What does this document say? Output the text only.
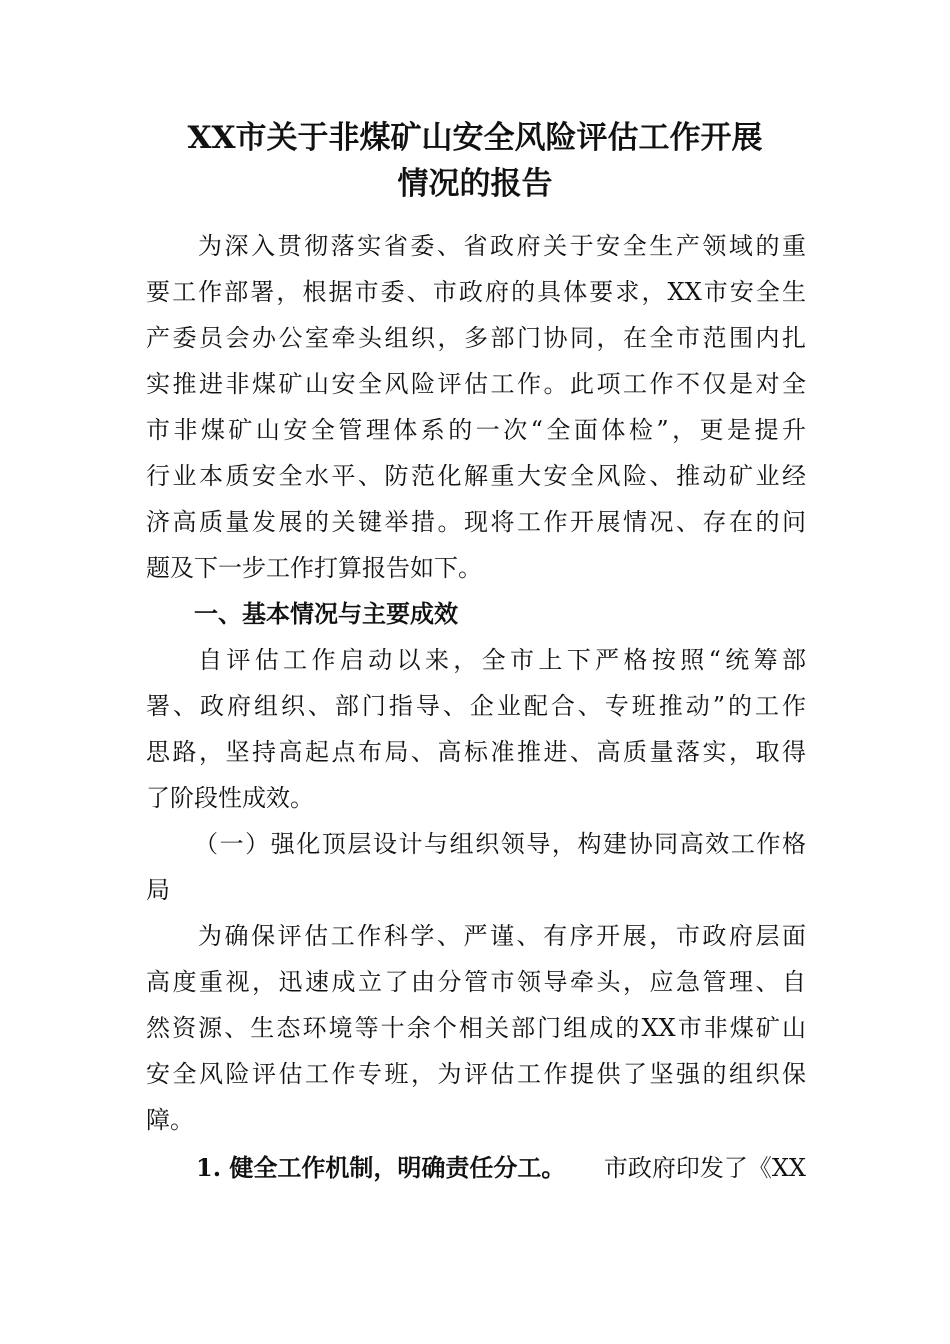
XX市关于非煤矿山安全风险评估工作开展
情况的报告
为深入贯彻落实省委、省政府关于安全生产领域的重
要工作部署，根据市委、市政府的具体要求，XX市安全生
产委员会办公室牵头组织，多部门协同，在全市范围内扎
实推进非煤矿山安全风险评估工作。此项工作不仅是对全
市非煤矿山安全管理体系的一次“全面体检”，更是提升
行业本质安全水平、防范化解重大安全风险、推动矿业经
济高质量发展的关键举措。现将工作开展情况、存在的问
题及下一步工作打算报告如下。
一、基本情况与主要成效
自评估工作启动以来，全市上下严格按照“统筹部
署、政府组织、部门指导、企业配合、专班推动”的工作
思路，坚持高起点布局、高标准推进、高质量落实，取得
了阶段性成效。
（一）强化顶层设计与组织领导，构建协同高效工作格
局
为确保评估工作科学、严谨、有序开展，市政府层面
高度重视，迅速成立了由分管市领导牵头，应急管理、自
然资源、生态环境等十余个相关部门组成的XX市非煤矿山
安全风险评估工作专班，为评估工作提供了坚强的组织保
障。
1. 健全工作机制，明确责任分工。 市政府印发了《XX
